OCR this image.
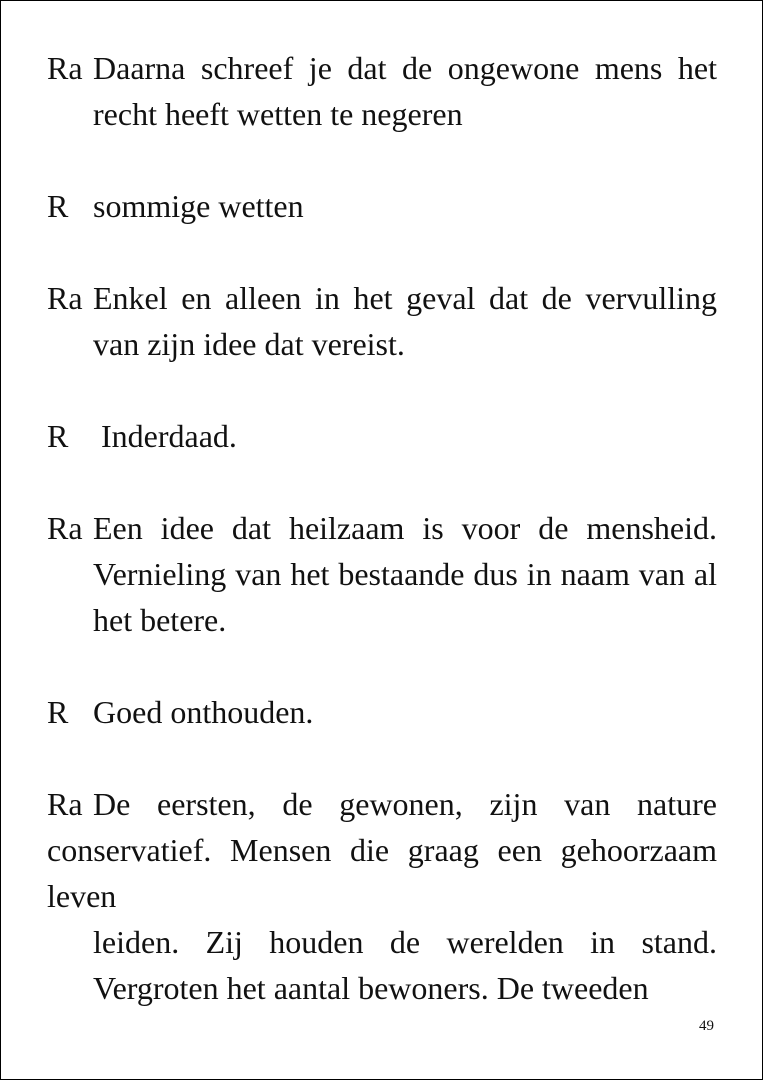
Ra Daarna schreef je dat de ongewone mens het recht heeft wetten te negeren
R sommige wetten
Ra Enkel en alleen in het geval dat de vervulling van zijn idee dat vereist.
R Inderdaad.
Ra Een idee dat heilzaam is voor de mensheid. Vernieling van het bestaande dus in naam van al het betere.
R Goed onthouden.
Ra De eersten, de gewonen, zijn van nature conservatief. Mensen die graag een gehoorzaam leven
leiden. Zij houden de werelden in stand. Vergroten het aantal bewoners. De tweeden
49
